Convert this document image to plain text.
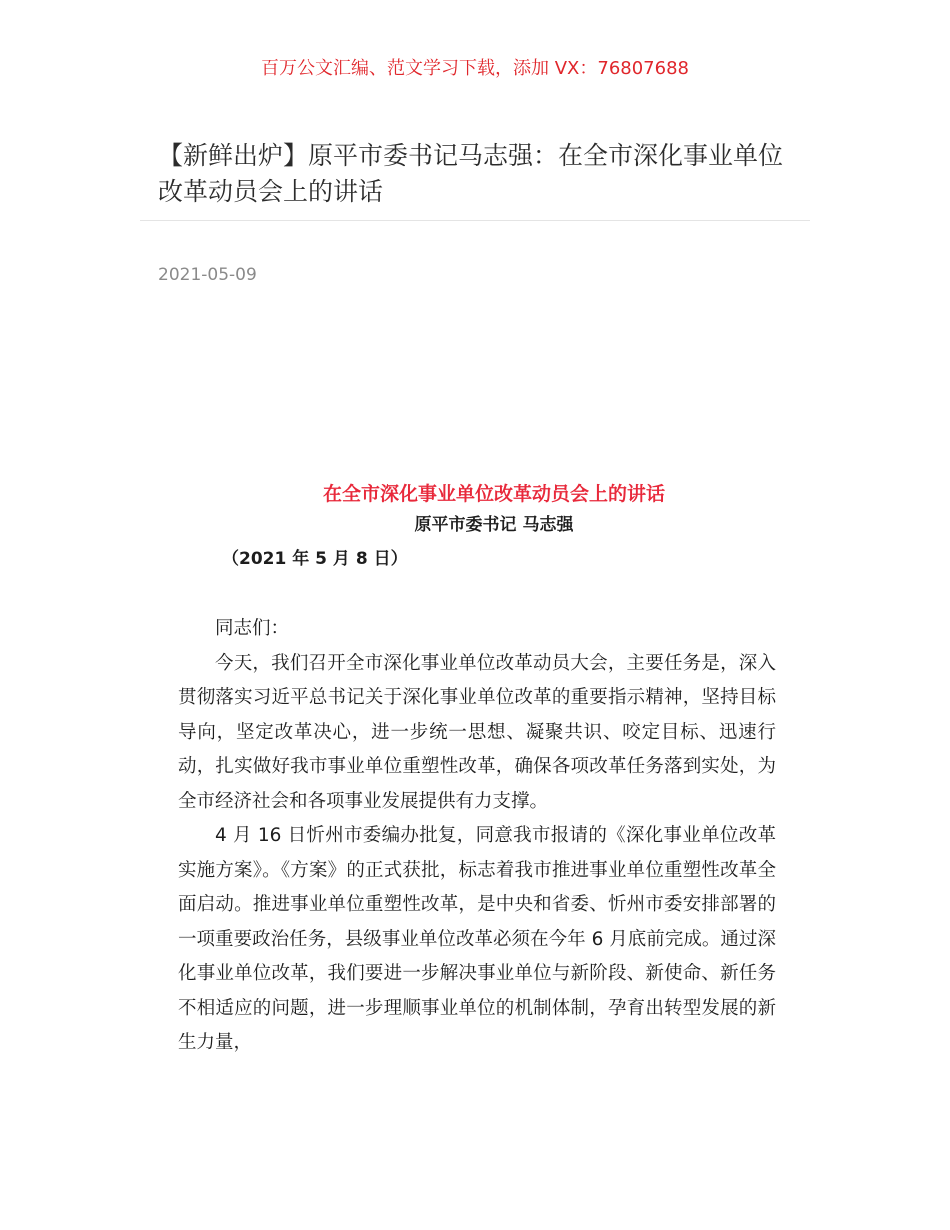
百万公文汇编、范文学习下载，添加 VX：76807688
【新鲜出炉】原平市委书记马志强：在全市深化事业单位改革动员会上的讲话
2021-05-09
在全市深化事业单位改革动员会上的讲话
原平市委书记 马志强
（2021 年 5 月 8 日）

同志们：

今天，我们召开全市深化事业单位改革动员大会，主要任务是，深入贯彻落实习近平总书记关于深化事业单位改革的重要指示精神，坚持目标导向，坚定改革决心，进一步统一思想、凝聚共识、咬定目标、迅速行动，扎实做好我市事业单位重塑性改革，确保各项改革任务落到实处，为全市经济社会和各项事业发展提供有力支撑。

4 月 16 日忻州市委编办批复，同意我市报请的《深化事业单位改革实施方案》。《方案》的正式获批，标志着我市推进事业单位重塑性改革全面启动。推进事业单位重塑性改革，是中央和省委、忻州市委安排部署的一项重要政治任务，县级事业单位改革必须在今年 6 月底前完成。通过深化事业单位改革，我们要进一步解决事业单位与新阶段、新使命、新任务不相适应的问题，进一步理顺事业单位的机制体制，孕育出转型发展的新生力量，
